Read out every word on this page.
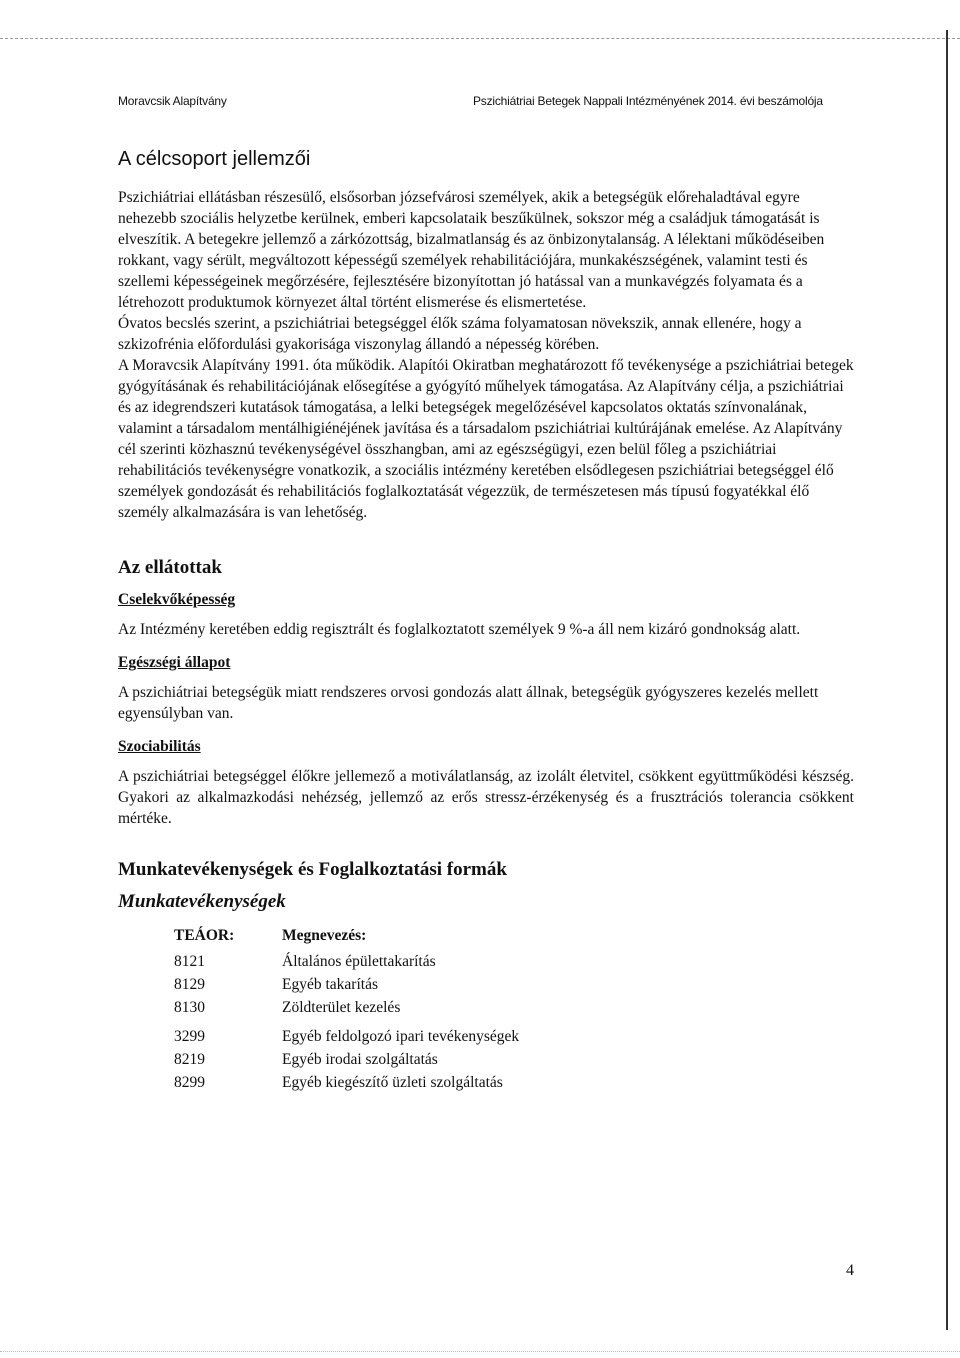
Moravcsik Alapítvány	Pszichiátriai Betegek Nappali Intézményének 2014. évi beszámolója
A célcsoport jellemzői

Pszichiátriai ellátásban részesülő, elsősorban józsefvárosi személyek, akik a betegségük előrehaladtával egyre nehezebb szociális helyzetbe kerülnek, emberi kapcsolataik beszűkülnek, sokszor még a családjuk támogatását is elveszítik. A betegekre jellemző a zárkózottság, bizalmatlanság és az önbizonytalanság. A lélektani működéseiben rokkant, vagy sérült, megváltozott képességű személyek rehabilitációjára, munkakészségének, valamint testi és szellemi képességeinek megőrzésére, fejlesztésére bizonyítottan jó hatással van a munkavégzés folyamata és a létrehozott produktumok környezet által történt elismerése és elismertetése.

Óvatos becslés szerint, a pszichiátriai betegséggel élők száma folyamatosan növekszik, annak ellenére, hogy a szkizofrénia előfordulási gyakorisága viszonylag állandó a népesség körében.

A Moravcsik Alapítvány 1991. óta működik. Alapítói Okiratban meghatározott fő tevékenysége a pszichiátriai betegek gyógyításának és rehabilitációjának elősegítése a gyógyító műhelyek támogatása. Az Alapítvány célja, a pszichiátriai és az idegrendszeri kutatások támogatása, a lelki betegségek megelőzésével kapcsolatos oktatás színvonalának, valamint a társadalom mentálhigiénéjének javítása és a társadalom pszichiátriai kultúrájának emelése. Az Alapítvány cél szerinti közhasznú tevékenységével összhangban, ami az egészségügyi, ezen belül főleg a pszichiátriai rehabilitációs tevékenységre vonatkozik, a szociális intézmény keretében elsődlegesen pszichiátriai betegséggel élő személyek gondozását és rehabilitációs foglalkoztatását végezzük, de természetesen más típusú fogyatékkal élő személy alkalmazására is van lehetőség.

Az ellátottak
Cselekvőképesség

Az Intézmény keretében eddig regisztrált és foglalkoztatott személyek 9 %-a áll nem kizáró gondnokság alatt.

Egészségi állapot

A pszichiátriai betegségük miatt rendszeres orvosi gondozás alatt állnak, betegségük gyógyszeres kezelés mellett egyensúlyban van.

Szociabilitás

A pszichiátriai betegséggel élőkre jellemező a motiválatlanság, az izolált életvitel, csökkent együttműködési készség. Gyakori az alkalmazkodási nehézség, jellemző az erős stressz-érzékenység és a frusztrációs tolerancia csökkent mértéke.

Munkatevékenységek és Foglalkoztatási formák
Munkatevékenységek
TEÁOR:	Megnevezés:
8121	Általános épülettakarítás
8129	Egyéb takarítás
8130	Zöldterület kezelés
3299	Egyéb feldolgozó ipari tevékenységek
8219	Egyéb irodai szolgáltatás
8299	Egyéb kiegészítő üzleti szolgáltatás
4
